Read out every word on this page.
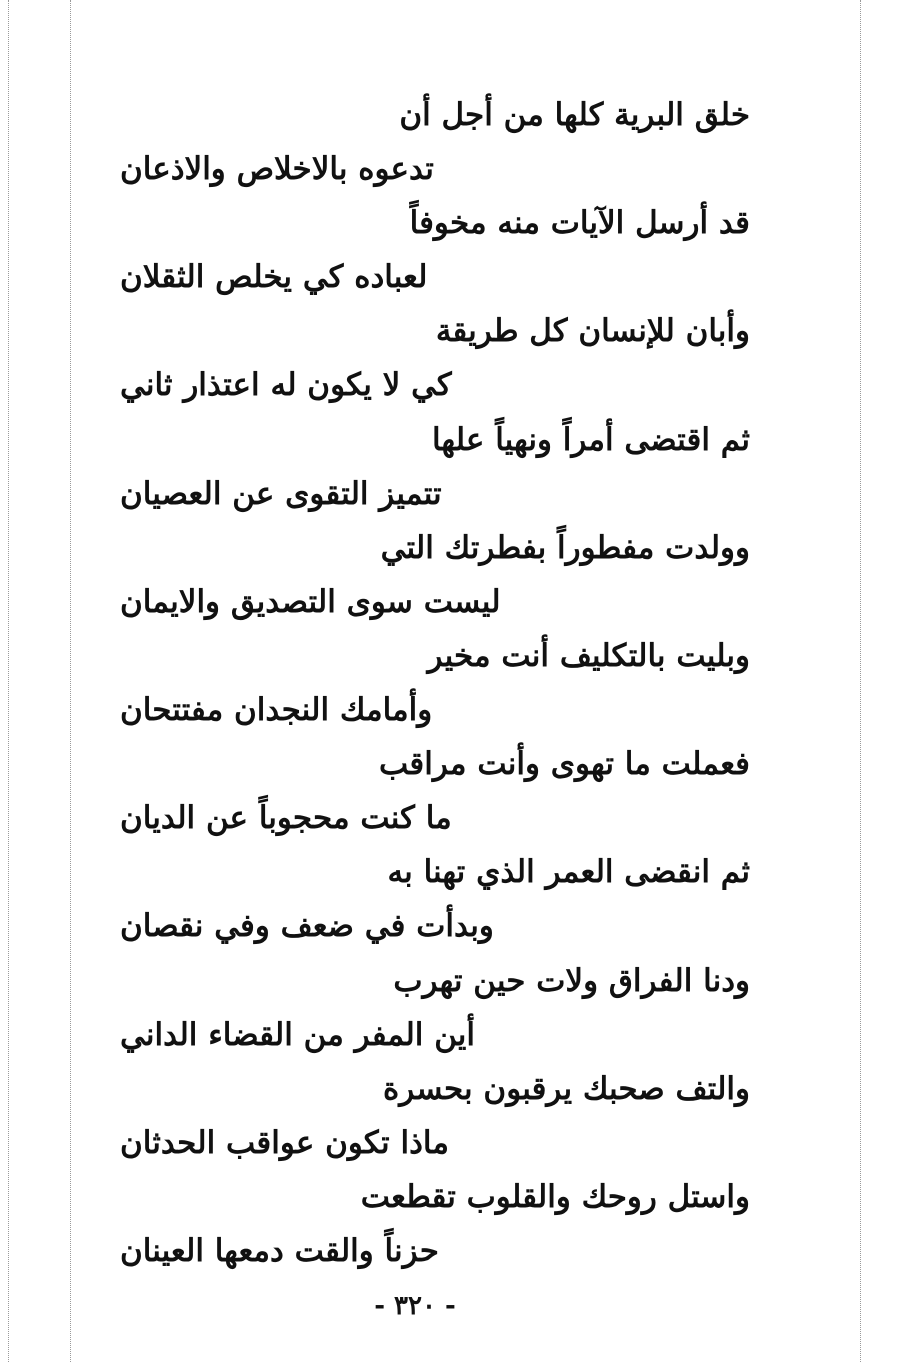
خلق البرية كلها من أجل أن
تدعوه بالاخلاص والاذعان
قد أرسل الآيات منه مخوفاً
لعباده كي يخلص الثقلان
وأبان للإنسان كل طريقة
كي لا يكون له اعتذار ثاني
ثم اقتضى أمراً ونهياً علها
تتميز التقوى عن العصيان
وولدت مفطوراً بفطرتك التي
ليست سوى التصديق والايمان
وبليت بالتكليف أنت مخير
وأمامك النجدان مفتتحان
فعملت ما تهوى وأنت مراقب
ما كنت محجوباً عن الديان
ثم انقضى العمر الذي تهنا به
وبدأت في ضعف وفي نقصان
ودنا الفراق ولات حين تهرب
أين المفر من القضاء الداني
والتف صحبك يرقبون بحسرة
ماذا تكون عواقب الحدثان
واستل روحك والقلوب تقطعت
حزناً والقت دمعها العينان
- ٣٢٠ -
